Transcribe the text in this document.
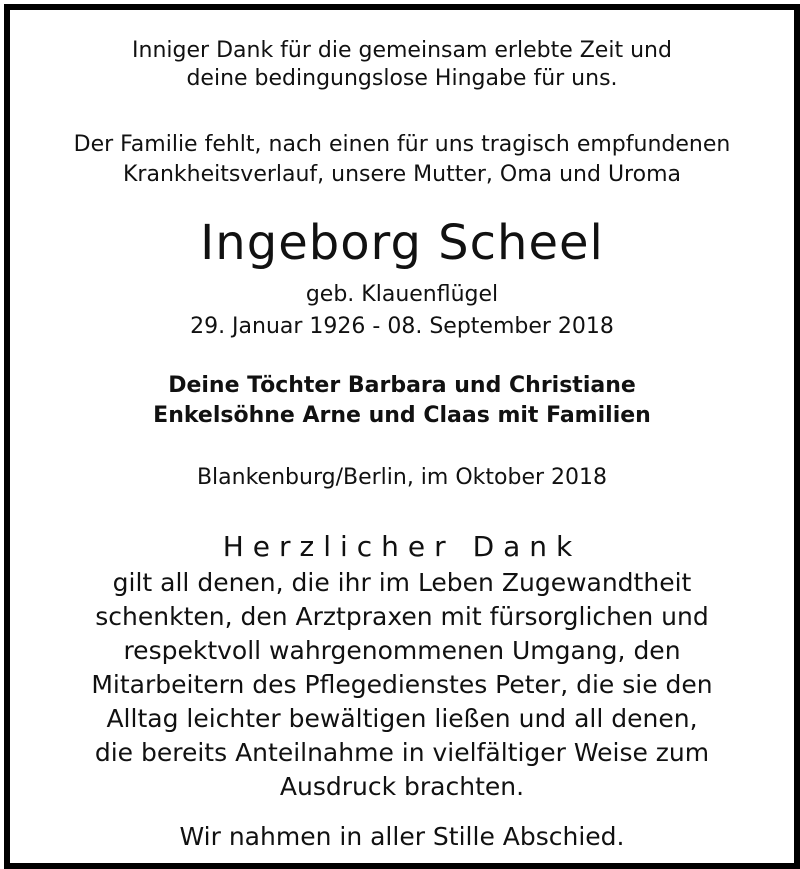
Inniger Dank für die gemeinsam erlebte Zeit und
deine bedingungslose Hingabe für uns.
Der Familie fehlt, nach einen für uns tragisch empfundenen
Krankheitsverlauf, unsere Mutter, Oma und Uroma
Ingeborg Scheel
geb. Klauenflügel
29. Januar 1926 - 08. September 2018
Deine Töchter Barbara und Christiane
Enkelsöhne Arne und Claas mit Familien
Blankenburg/Berlin, im Oktober 2018
Herzlicher Dank
gilt all denen, die ihr im Leben Zugewandtheit
schenkten, den Arztpraxen mit fürsorglichen und
respektvoll wahrgenommenen Umgang, den
Mitarbeitern des Pflegedienstes Peter, die sie den
Alltag leichter bewältigen ließen und all denen,
die bereits Anteilnahme in vielfältiger Weise zum
Ausdruck brachten.
Wir nahmen in aller Stille Abschied.
